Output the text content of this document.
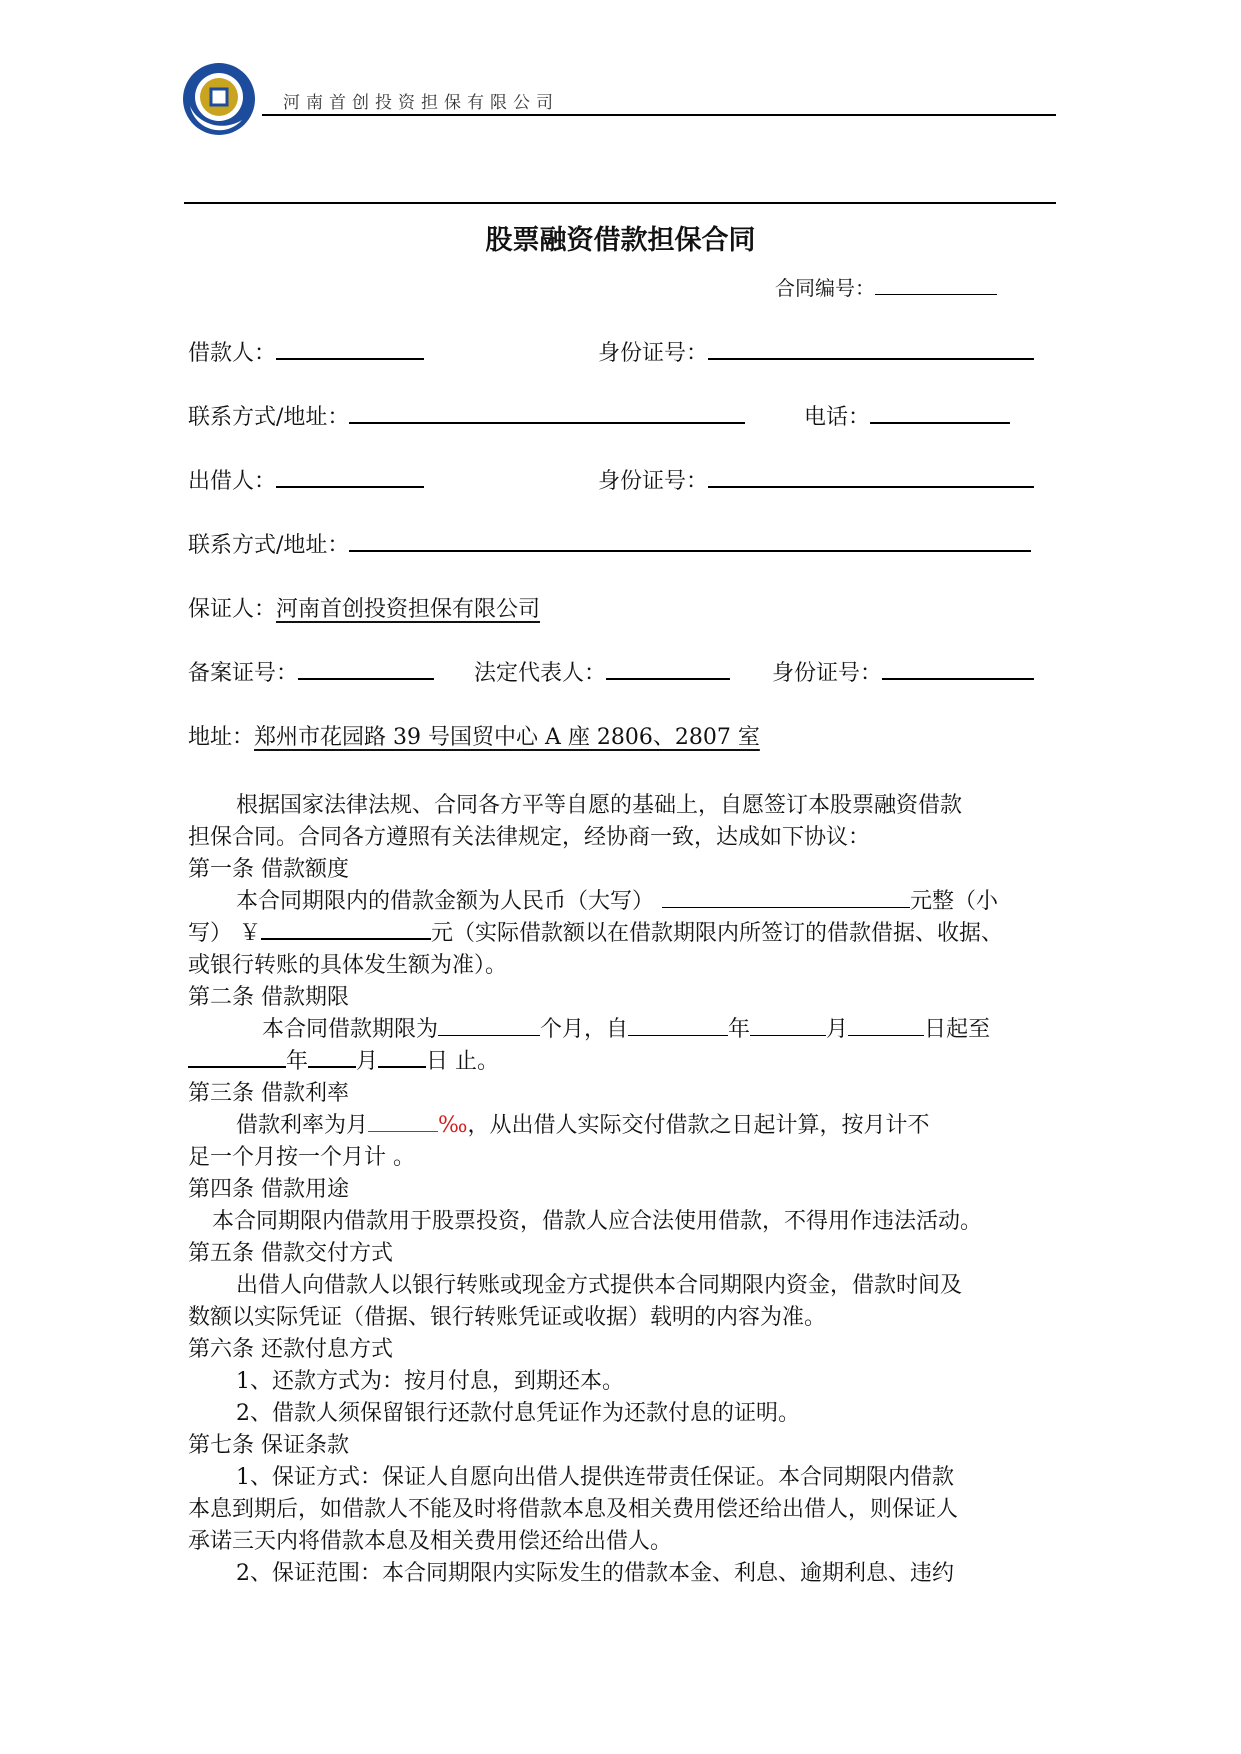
河南首创投资担保有限公司
股票融资借款担保合同
合同编号：
借款人：	身份证号：
联系方式/地址：	电话：
出借人：	身份证号：
联系方式/地址：
保证人：河南首创投资担保有限公司
备案证号：	法定代表人：	身份证号：
地址：郑州市花园路 39 号国贸中心 A 座 2806、2807 室
根据国家法律法规、合同各方平等自愿的基础上，自愿签订本股票融资借款
担保合同。合同各方遵照有关法律规定，经协商一致，达成如下协议：
第一条 借款额度
本合同期限内的借款金额为人民币（大写）	元整（小
写） ￥	元（实际借款额以在借款期限内所签订的借款借据、收据、
或银行转账的具体发生额为准）。
第二条 借款期限
本合同借款期限为	个月，自	年	月	日起至
年 月 日 止。
第三条 借款利率
借款利率为月	‰，从出借人实际交付借款之日起计算，按月计不
足一个月按一个月计 。
第四条 借款用途
本合同期限内借款用于股票投资，借款人应合法使用借款，不得用作违法活动。
第五条 借款交付方式
出借人向借款人以银行转账或现金方式提供本合同期限内资金，借款时间及
数额以实际凭证（借据、银行转账凭证或收据）载明的内容为准。
第六条 还款付息方式
1、还款方式为：按月付息，到期还本。
2、借款人须保留银行还款付息凭证作为还款付息的证明。
第七条 保证条款
1、保证方式：保证人自愿向出借人提供连带责任保证。本合同期限内借款
本息到期后，如借款人不能及时将借款本息及相关费用偿还给出借人，则保证人
承诺三天内将借款本息及相关费用偿还给出借人。
2、保证范围：本合同期限内实际发生的借款本金、利息、逾期利息、违约
